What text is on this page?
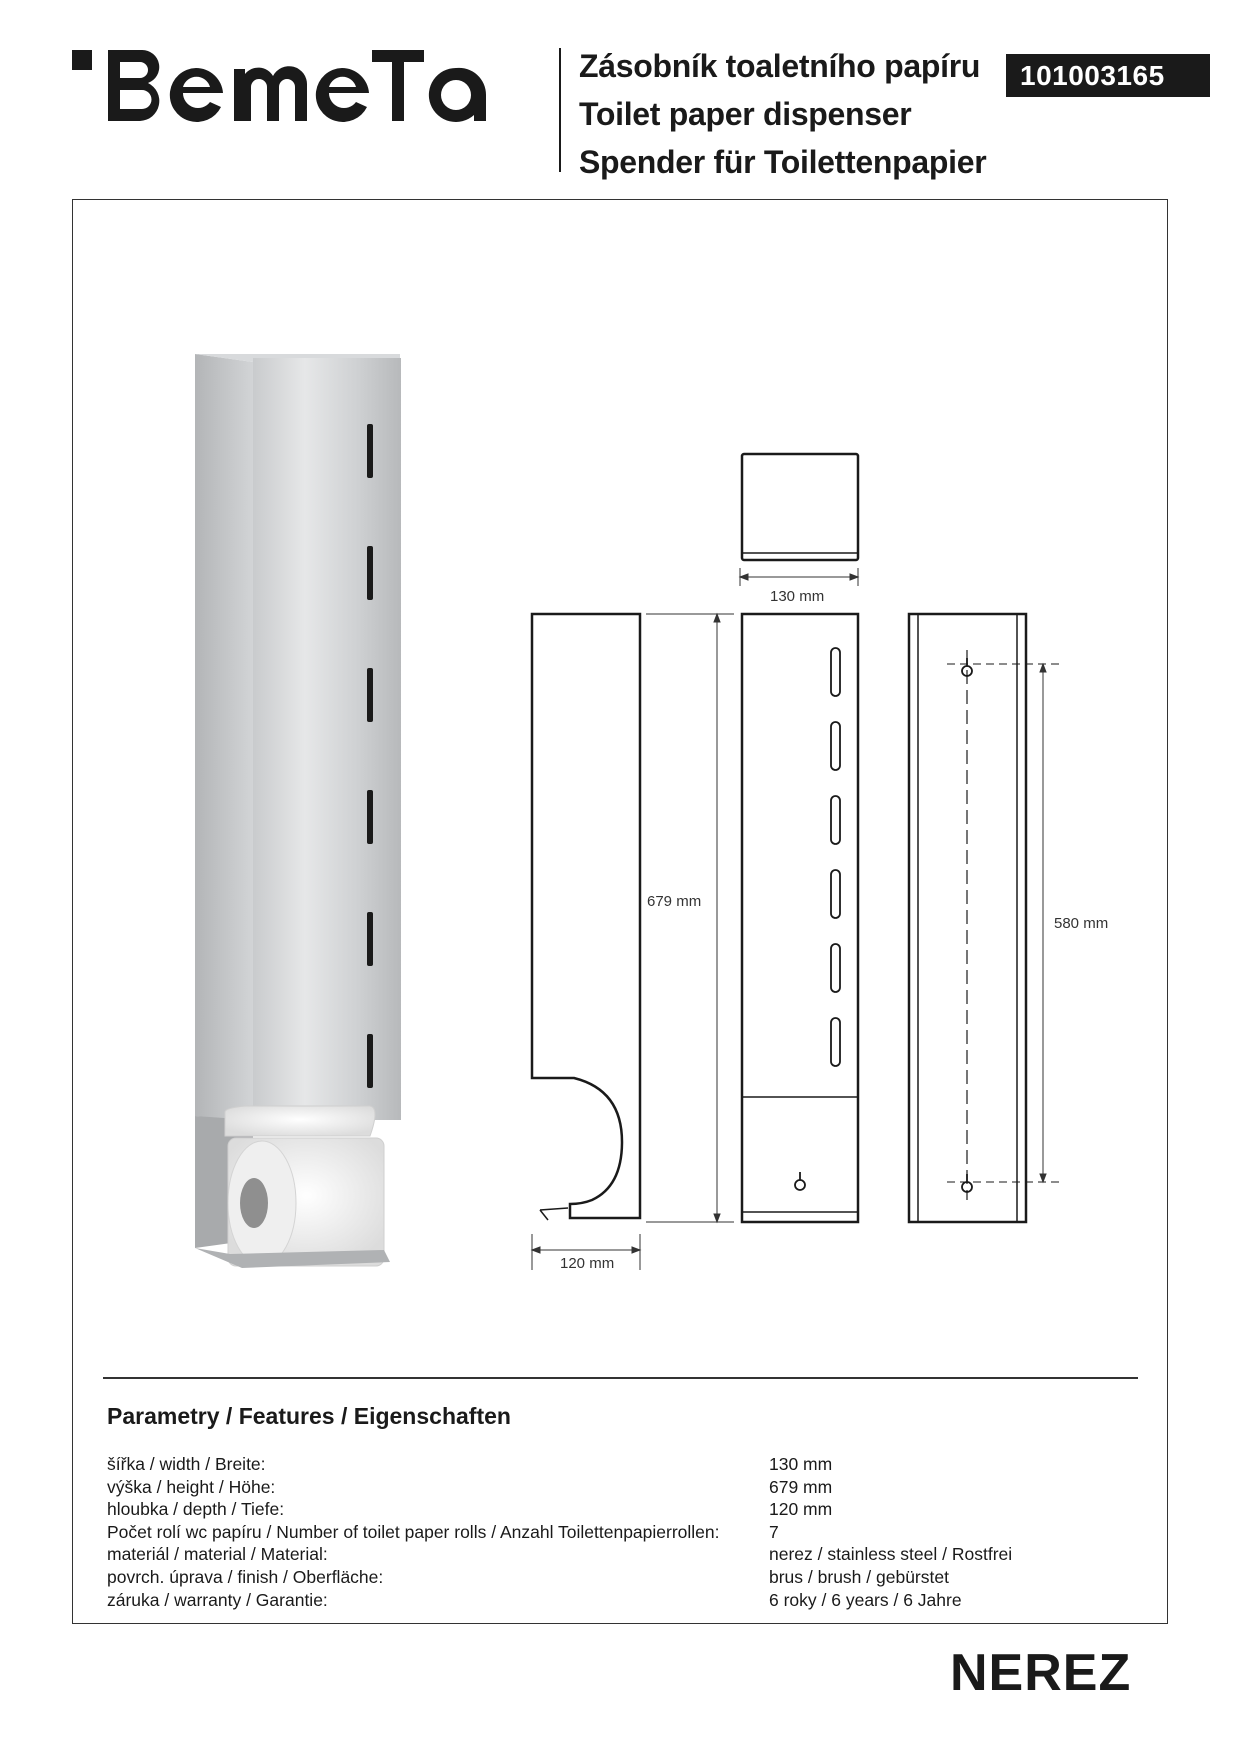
Zásobník toaletního papíru
Toilet paper dispenser
Spender für Toilettenpapier
101003165
130 mm
679 mm
120 mm
580 mm
Parametry / Features / Eigenschaften
šířka / width / Breite:	130 mm
výška / height / Höhe:	679 mm
hloubka / depth / Tiefe:	120 mm
Počet rolí wc papíru / Number of toilet paper rolls / Anzahl Toilettenpapierrollen:	7
materiál / material / Material:	nerez / stainless steel / Rostfrei
povrch. úprava / finish / Oberfläche:	brus / brush / gebürstet
záruka / warranty / Garantie:	6 roky / 6 years / 6 Jahre
NEREZ
